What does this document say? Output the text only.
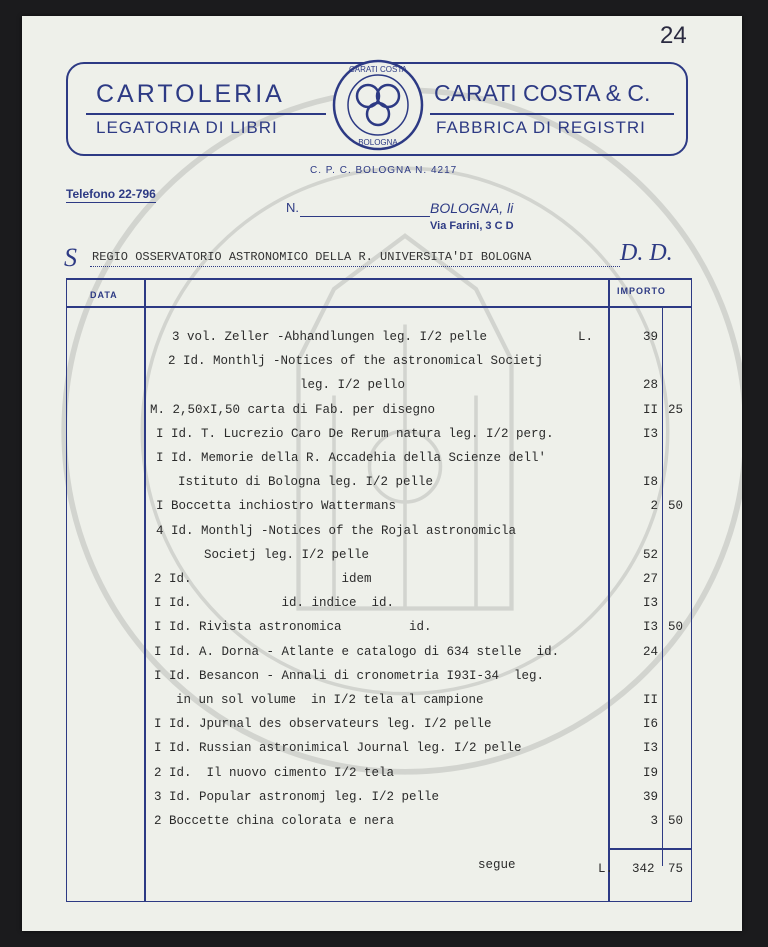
24
CARTOLERIA
LEGATORIA DI LIBRI
CARATI COSTA & C.
FABBRICA DI REGISTRI
CARATI COSTA
BOLOGNA
C. P. C. BOLOGNA N. 4217
Telefono 22-796
N.	BOLOGNA, li
Via Farini, 3 C D
S REGIO OSSERVATORIO ASTRONOMICO DELLA R. UNIVERSITA'DI BOLOGNA	D. D.
DATA	IMPORTO
3 vol. Zeller -Abhandlungen leg. I/2 pelle	L.	39
2 Id. Monthlj -Notices of the astronomical Societj
leg. I/2 pello	28
M. 2,50xI,50 carta di Fab. per disegno	II 25
I Id. T. Lucrezio Caro De Rerum natura leg. I/2 perg.	I3
I Id. Memorie della R. Accadehia della Scienze dell'
Istituto di Bologna leg. I/2 pelle	I8
I Boccetta inchiostro Wattermans	2 50
4 Id. Monthlj -Notices of the Rojal astronomicla
Societj leg. I/2 pelle	52
2 Id.                    idem	27
I Id.            id. indice  id.	I3
I Id. Rivista astronomica         id.	I3 50
I Id. A. Dorna - Atlante e catalogo di 634 stelle  id.	24
I Id. Besancon - Annali di cronometria I93I-34  leg.
in un sol volume  in I/2 tela al campione	II
I Id. Jpurnal des observateurs leg. I/2 pelle	I6
I Id. Russian astronimical Journal leg. I/2 pelle	I3
2 Id.  Il nuovo cimento I/2 tela	I9
3 Id. Popular astronomj leg. I/2 pelle	39
2 Boccette china colorata e nera	3 50
segue	L. 342 75
